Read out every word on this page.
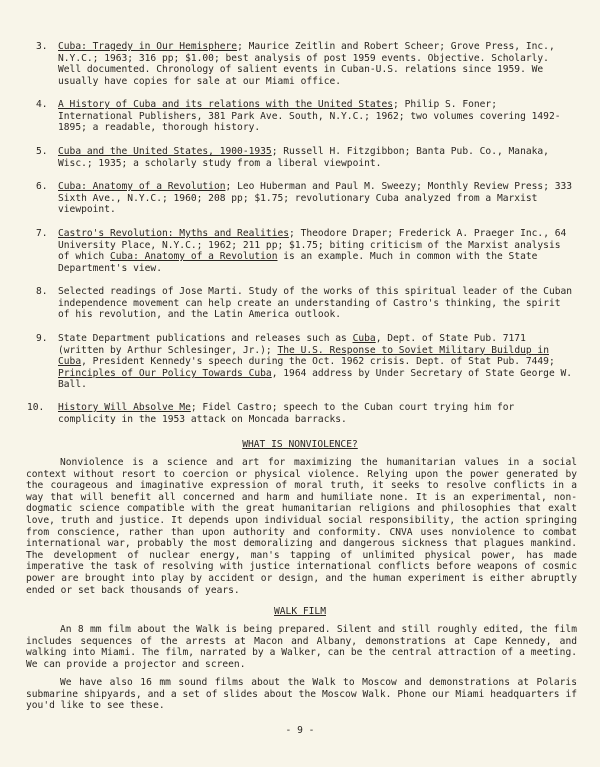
3.	Cuba: Tragedy in Our Hemisphere; Maurice Zeitlin and Robert Scheer; Grove Press, Inc., N.Y.C.; 1963; 316 pp; $1.00; best analysis of post 1959 events. Objective. Scholarly. Well documented. Chronology of salient events in Cuban-U.S. relations since 1959. We usually have copies for sale at our Miami office.
4.	A History of Cuba and its relations with the United States; Philip S. Foner; International Publishers, 381 Park Ave. South, N.Y.C.; 1962; two volumes covering 1492-1895; a readable, thorough history.
5.	Cuba and the United States, 1900-1935; Russell H. Fitzgibbon; Banta Pub. Co., Manaka, Wisc.; 1935; a scholarly study from a liberal viewpoint.
6.	Cuba: Anatomy of a Revolution; Leo Huberman and Paul M. Sweezy; Monthly Review Press; 333 Sixth Ave., N.Y.C.; 1960; 208 pp; $1.75; revolutionary Cuba analyzed from a Marxist viewpoint.
7.	Castro's Revolution: Myths and Realities; Theodore Draper; Frederick A. Praeger Inc., 64 University Place, N.Y.C.; 1962; 211 pp; $1.75; biting criticism of the Marxist analysis of which Cuba: Anatomy of a Revolution is an example. Much in common with the State Department's view.
8.	Selected readings of Jose Marti. Study of the works of this spiritual leader of the Cuban independence movement can help create an understanding of Castro's thinking, the spirit of his revolution, and the Latin America outlook.
9.	State Department publications and releases such as Cuba, Dept. of State Pub. 7171 (written by Arthur Schlesinger, Jr.); The U.S. Response to Soviet Military Buildup in Cuba, President Kennedy's speech during the Oct. 1962 crisis. Dept. of Stat Pub. 7449; Principles of Our Policy Towards Cuba, 1964 address by Under Secretary of State George W. Ball.
10.	History Will Absolve Me; Fidel Castro; speech to the Cuban court trying him for complicity in the 1953 attack on Moncada barracks.
WHAT IS NONVIOLENCE?
Nonviolence is a science and art for maximizing the humanitarian values in a social context without resort to coercion or physical violence. Relying upon the power generated by the courageous and imaginative expression of moral truth, it seeks to resolve conflicts in a way that will benefit all concerned and harm and humiliate none. It is an experimental, non-dogmatic science compatible with the great humanitarian religions and philosophies that exalt love, truth and justice. It depends upon individual social responsibility, the action springing from conscience, rather than upon authority and conformity. CNVA uses nonviolence to combat international war, probably the most demoralizing and dangerous sickness that plagues mankind. The development of nuclear energy, man's tapping of unlimited physical power, has made imperative the task of resolving with justice international conflicts before weapons of cosmic power are brought into play by accident or design, and the human experiment is either abruptly ended or set back thousands of years.
WALK FILM
An 8 mm film about the Walk is being prepared. Silent and still roughly edited, the film includes sequences of the arrests at Macon and Albany, demonstrations at Cape Kennedy, and walking into Miami. The film, narrated by a Walker, can be the central attraction of a meeting. We can provide a projector and screen.
We have also 16 mm sound films about the Walk to Moscow and demonstrations at Polaris submarine shipyards, and a set of slides about the Moscow Walk. Phone our Miami headquarters if you'd like to see these.
- 9 -
